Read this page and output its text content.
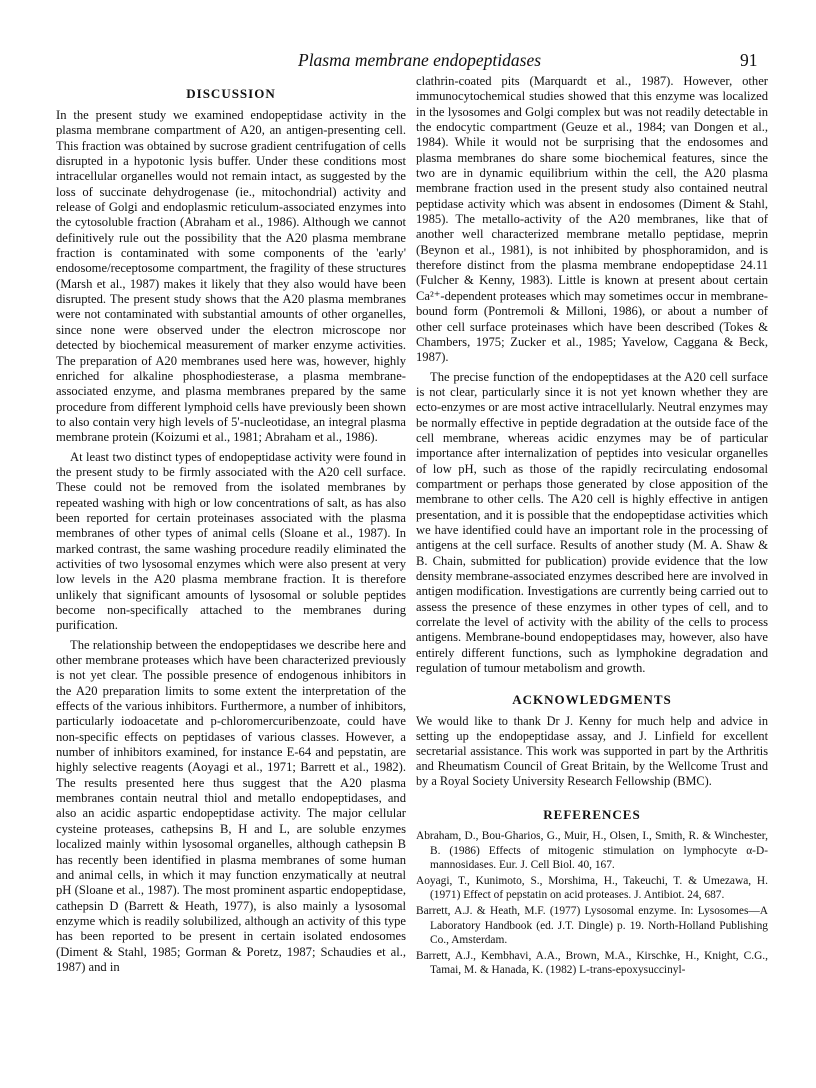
Plasma membrane endopeptidases	91
DISCUSSION

In the present study we examined endopeptidase activity in the plasma membrane compartment of A20, an antigen-presenting cell. This fraction was obtained by sucrose gradient centrifugation of cells disrupted in a hypotonic lysis buffer. Under these conditions most intracellular organelles would not remain intact, as suggested by the loss of succinate dehydrogenase (ie., mitochondrial) activity and release of Golgi and endoplasmic reticulum-associated enzymes into the cytosoluble fraction (Abraham et al., 1986). Although we cannot definitively rule out the possibility that the A20 plasma membrane fraction is contaminated with some components of the 'early' endosome/receptosome compartment, the fragility of these structures (Marsh et al., 1987) makes it likely that they also would have been disrupted. The present study shows that the A20 plasma membranes were not contaminated with substantial amounts of other organelles, since none were observed under the electron microscope nor detected by biochemical measurement of marker enzyme activities. The preparation of A20 membranes used here was, however, highly enriched for alkaline phosphodiesterase, a plasma membrane-associated enzyme, and plasma membranes prepared by the same procedure from different lymphoid cells have previously been shown to also contain very high levels of 5'-nucleotidase, an integral plasma membrane protein (Koizumi et al., 1981; Abraham et al., 1986).

At least two distinct types of endopeptidase activity were found in the present study to be firmly associated with the A20 cell surface. These could not be removed from the isolated membranes by repeated washing with high or low concentrations of salt, as has also been reported for certain proteinases associated with the plasma membranes of other types of animal cells (Sloane et al., 1987). In marked contrast, the same washing procedure readily eliminated the activities of two lysosomal enzymes which were also present at very low levels in the A20 plasma membrane fraction. It is therefore unlikely that significant amounts of lysosomal or soluble peptides become non-specifically attached to the membranes during purification.

The relationship between the endopeptidases we describe here and other membrane proteases which have been characterized previously is not yet clear. The possible presence of endogenous inhibitors in the A20 preparation limits to some extent the interpretation of the effects of the various inhibitors. Furthermore, a number of inhibitors, particularly iodoacetate and p-chloromercuribenzoate, could have non-specific effects on peptidases of various classes. However, a number of inhibitors examined, for instance E-64 and pepstatin, are highly selective reagents (Aoyagi et al., 1971; Barrett et al., 1982). The results presented here thus suggest that the A20 plasma membranes contain neutral thiol and metallo endopeptidases, and also an acidic aspartic endopeptidase activity. The major cellular cysteine proteases, cathepsins B, H and L, are soluble enzymes localized mainly within lysosomal organelles, although cathepsin B has recently been identified in plasma membranes of some human and animal cells, in which it may function enzymatically at neutral pH (Sloane et al., 1987). The most prominent aspartic endopeptidase, cathepsin D (Barrett & Heath, 1977), is also mainly a lysosomal enzyme which is readily solubilized, although an activity of this type has been reported to be present in certain isolated endosomes (Diment & Stahl, 1985; Gorman & Poretz, 1987; Schaudies et al., 1987) and in

clathrin-coated pits (Marquardt et al., 1987). However, other immunocytochemical studies showed that this enzyme was localized in the lysosomes and Golgi complex but was not readily detectable in the endocytic compartment (Geuze et al., 1984; van Dongen et al., 1984). While it would not be surprising that the endosomes and plasma membranes do share some biochemical features, since the two are in dynamic equilibrium within the cell, the A20 plasma membrane fraction used in the present study also contained neutral peptidase activity which was absent in endosomes (Diment & Stahl, 1985). The metallo-activity of the A20 membranes, like that of another well characterized membrane metallo peptidase, meprin (Beynon et al., 1981), is not inhibited by phosphoramidon, and is therefore distinct from the plasma membrane endopeptidase 24.11 (Fulcher & Kenny, 1983). Little is known at present about certain Ca²⁺-dependent proteases which may sometimes occur in membrane-bound form (Pontremoli & Milloni, 1986), or about a number of other cell surface proteinases which have been described (Tokes & Chambers, 1975; Zucker et al., 1985; Yavelow, Caggana & Beck, 1987).

The precise function of the endopeptidases at the A20 cell surface is not clear, particularly since it is not yet known whether they are ecto-enzymes or are most active intracellularly. Neutral enzymes may be normally effective in peptide degradation at the outside face of the cell membrane, whereas acidic enzymes may be of particular importance after internalization of peptides into vesicular organelles of low pH, such as those of the rapidly recirculating endosomal compartment or perhaps those generated by close apposition of the membrane to other cells. The A20 cell is highly effective in antigen presentation, and it is possible that the endopeptidase activities which we have identified could have an important role in the processing of antigens at the cell surface. Results of another study (M. A. Shaw & B. Chain, submitted for publication) provide evidence that the low density membrane-associated enzymes described here are involved in antigen modification. Investigations are currently being carried out to assess the presence of these enzymes in other types of cell, and to correlate the level of activity with the ability of the cells to process antigens. Membrane-bound endopeptidases may, however, also have entirely different functions, such as lymphokine degradation and regulation of tumour metabolism and growth.

ACKNOWLEDGMENTS

We would like to thank Dr J. Kenny for much help and advice in setting up the endopeptidase assay, and J. Linfield for excellent secretarial assistance. This work was supported in part by the Arthritis and Rheumatism Council of Great Britain, by the Wellcome Trust and by a Royal Society University Research Fellowship (BMC).

REFERENCES
Abraham, D., Bou-Gharios, G., Muir, H., Olsen, I., Smith, R. & Winchester, B. (1986) Effects of mitogenic stimulation on lymphocyte α-D-mannosidases. Eur. J. Cell Biol. 40, 167.
Aoyagi, T., Kunimoto, S., Morshima, H., Takeuchi, T. & Umezawa, H. (1971) Effect of pepstatin on acid proteases. J. Antibiot. 24, 687.
Barrett, A.J. & Heath, M.F. (1977) Lysosomal enzyme. In: Lysosomes—A Laboratory Handbook (ed. J.T. Dingle) p. 19. North-Holland Publishing Co., Amsterdam.
Barrett, A.J., Kembhavi, A.A., Brown, M.A., Kirschke, H., Knight, C.G., Tamai, M. & Hanada, K. (1982) L-trans-epoxysuccinyl-
